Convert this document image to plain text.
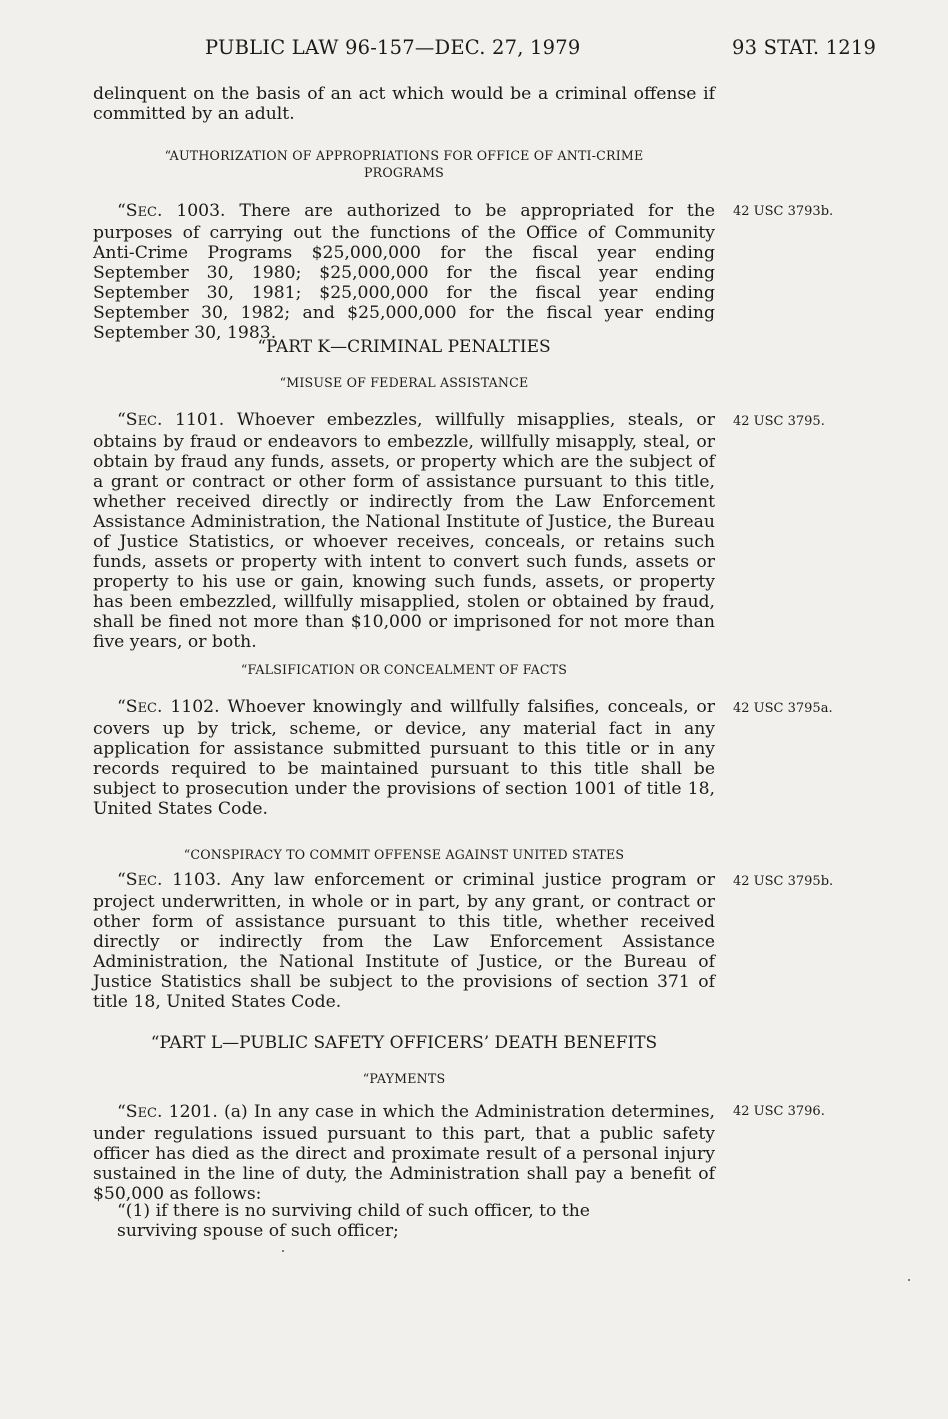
PUBLIC LAW 96-157—DEC. 27, 1979	93 STAT. 1219

delinquent on the basis of an act which would be a criminal offense if committed by an adult.

“AUTHORIZATION OF APPROPRIATIONS FOR OFFICE OF ANTI-CRIME
PROGRAMS

“SEC. 1003. There are authorized to be appropriated for the purposes of carrying out the functions of the Office of Community Anti-Crime Programs $25,000,000 for the fiscal year ending September 30, 1980; $25,000,000 for the fiscal year ending September 30, 1981; $25,000,000 for the fiscal year ending September 30, 1982; and $25,000,000 for the fiscal year ending September 30, 1983.

42 USC 3793b.
“PART K—CRIMINAL PENALTIES
“MISUSE OF FEDERAL ASSISTANCE

“SEC. 1101. Whoever embezzles, willfully misapplies, steals, or obtains by fraud or endeavors to embezzle, willfully misapply, steal, or obtain by fraud any funds, assets, or property which are the subject of a grant or contract or other form of assistance pursuant to this title, whether received directly or indirectly from the Law Enforcement Assistance Administration, the National Institute of Justice, the Bureau of Justice Statistics, or whoever receives, conceals, or retains such funds, assets or property with intent to convert such funds, assets or property to his use or gain, knowing such funds, assets, or property has been embezzled, willfully misapplied, stolen or obtained by fraud, shall be fined not more than $10,000 or imprisoned for not more than five years, or both.

42 USC 3795.
“FALSIFICATION OR CONCEALMENT OF FACTS

“SEC. 1102. Whoever knowingly and willfully falsifies, conceals, or covers up by trick, scheme, or device, any material fact in any application for assistance submitted pursuant to this title or in any records required to be maintained pursuant to this title shall be subject to prosecution under the provisions of section 1001 of title 18, United States Code.

42 USC 3795a.
“CONSPIRACY TO COMMIT OFFENSE AGAINST UNITED STATES

“SEC. 1103. Any law enforcement or criminal justice program or project underwritten, in whole or in part, by any grant, or contract or other form of assistance pursuant to this title, whether received directly or indirectly from the Law Enforcement Assistance Administration, the National Institute of Justice, or the Bureau of Justice Statistics shall be subject to the provisions of section 371 of title 18, United States Code.

42 USC 3795b.
“PART L—PUBLIC SAFETY OFFICERS’ DEATH BENEFITS
“PAYMENTS

“SEC. 1201. (a) In any case in which the Administration determines, under regulations issued pursuant to this part, that a public safety officer has died as the direct and proximate result of a personal injury sustained in the line of duty, the Administration shall pay a benefit of $50,000 as follows:

42 USC 3796.
“(1) if there is no surviving child of such officer, to the
surviving spouse of such officer;
